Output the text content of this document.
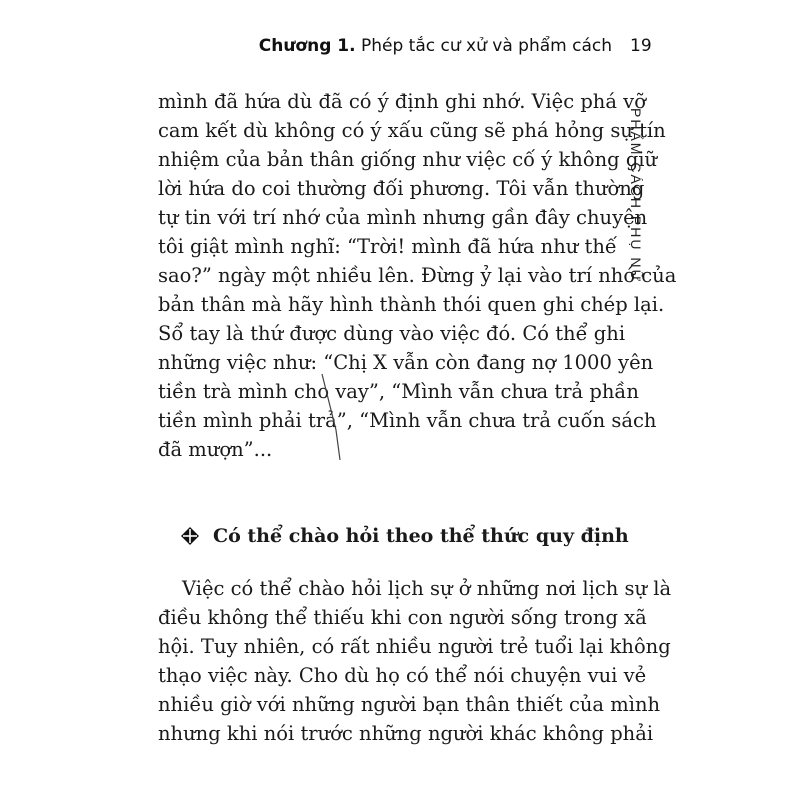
Chương 1. Phép tắc cư xử và phẩm cách 19
PHẨM CÁCH PHỤ NỮ
mình đã hứa dù đã có ý định ghi nhớ. Việc phá vỡ
cam kết dù không có ý xấu cũng sẽ phá hỏng sự tín
nhiệm của bản thân giống như việc cố ý không giữ
lời hứa do coi thường đối phương. Tôi vẫn thường
tự tin với trí nhớ của mình nhưng gần đây chuyện
tôi giật mình nghĩ: “Trời! mình đã hứa như thế
sao?” ngày một nhiều lên. Đừng ỷ lại vào trí nhớ của
bản thân mà hãy hình thành thói quen ghi chép lại.
Sổ tay là thứ được dùng vào việc đó. Có thể ghi
những việc như: “Chị X vẫn còn đang nợ 1000 yên
tiền trà mình cho vay”, “Mình vẫn chưa trả phần
tiền mình phải trả”, “Mình vẫn chưa trả cuốn sách
đã mượn”...
Có thể chào hỏi theo thể thức quy định
Việc có thể chào hỏi lịch sự ở những nơi lịch sự là
điều không thể thiếu khi con người sống trong xã
hội. Tuy nhiên, có rất nhiều người trẻ tuổi lại không
thạo việc này. Cho dù họ có thể nói chuyện vui vẻ
nhiều giờ với những người bạn thân thiết của mình
nhưng khi nói trước những người khác không phải
